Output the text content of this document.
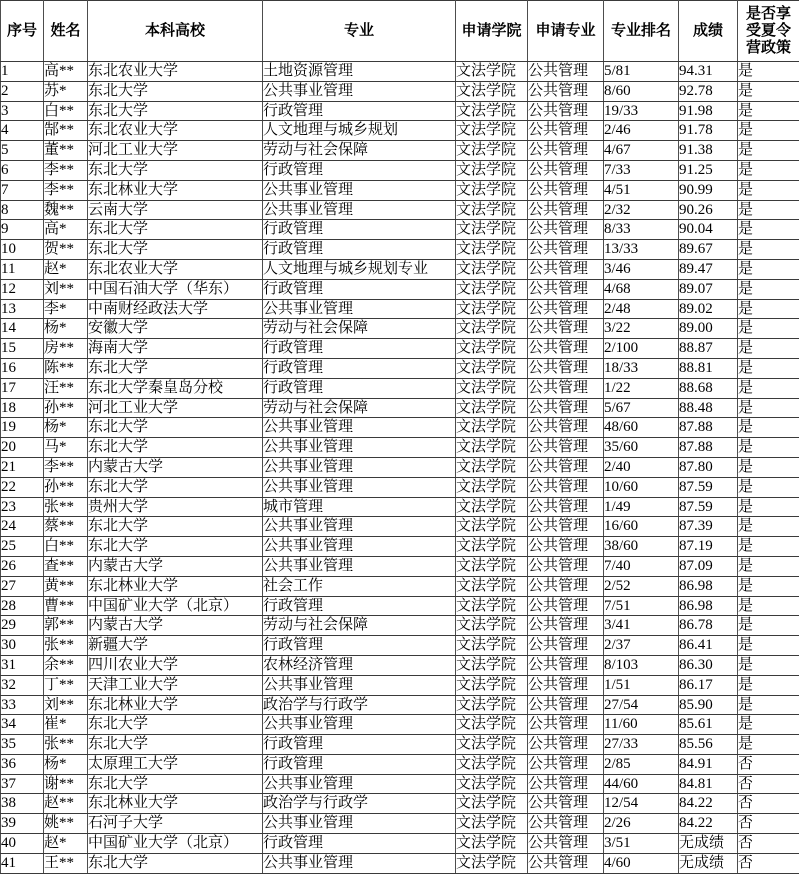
序号	姓名	本科高校	专业	申请学院	申请专业	专业排名	成绩	是否享受夏令营政策
1	高**	东北农业大学	土地资源管理	文法学院	公共管理	5/81	94.31	是
2	苏*	东北大学	公共事业管理	文法学院	公共管理	8/60	92.78	是
3	白**	东北大学	行政管理	文法学院	公共管理	19/33	91.98	是
4	郜**	东北农业大学	人文地理与城乡规划	文法学院	公共管理	2/46	91.78	是
5	董**	河北工业大学	劳动与社会保障	文法学院	公共管理	4/67	91.38	是
6	李**	东北大学	行政管理	文法学院	公共管理	7/33	91.25	是
7	李**	东北林业大学	公共事业管理	文法学院	公共管理	4/51	90.99	是
8	魏**	云南大学	公共事业管理	文法学院	公共管理	2/32	90.26	是
9	高*	东北大学	行政管理	文法学院	公共管理	8/33	90.04	是
10	贺**	东北大学	行政管理	文法学院	公共管理	13/33	89.67	是
11	赵*	东北农业大学	人文地理与城乡规划专业	文法学院	公共管理	3/46	89.47	是
12	刘**	中国石油大学（华东）	行政管理	文法学院	公共管理	4/68	89.07	是
13	李*	中南财经政法大学	公共事业管理	文法学院	公共管理	2/48	89.02	是
14	杨*	安徽大学	劳动与社会保障	文法学院	公共管理	3/22	89.00	是
15	房**	海南大学	行政管理	文法学院	公共管理	2/100	88.87	是
16	陈**	东北大学	行政管理	文法学院	公共管理	18/33	88.81	是
17	汪**	东北大学秦皇岛分校	行政管理	文法学院	公共管理	1/22	88.68	是
18	孙**	河北工业大学	劳动与社会保障	文法学院	公共管理	5/67	88.48	是
19	杨*	东北大学	公共事业管理	文法学院	公共管理	48/60	87.88	是
20	马*	东北大学	公共事业管理	文法学院	公共管理	35/60	87.88	是
21	李**	内蒙古大学	公共事业管理	文法学院	公共管理	2/40	87.80	是
22	孙**	东北大学	公共事业管理	文法学院	公共管理	10/60	87.59	是
23	张**	贵州大学	城市管理	文法学院	公共管理	1/49	87.59	是
24	蔡**	东北大学	公共事业管理	文法学院	公共管理	16/60	87.39	是
25	白**	东北大学	公共事业管理	文法学院	公共管理	38/60	87.19	是
26	查**	内蒙古大学	公共事业管理	文法学院	公共管理	7/40	87.09	是
27	黄**	东北林业大学	社会工作	文法学院	公共管理	2/52	86.98	是
28	曹**	中国矿业大学（北京）	行政管理	文法学院	公共管理	7/51	86.98	是
29	郭**	内蒙古大学	劳动与社会保障	文法学院	公共管理	3/41	86.78	是
30	张**	新疆大学	行政管理	文法学院	公共管理	2/37	86.41	是
31	余**	四川农业大学	农林经济管理	文法学院	公共管理	8/103	86.30	是
32	丁**	天津工业大学	公共事业管理	文法学院	公共管理	1/51	86.17	是
33	刘**	东北林业大学	政治学与行政学	文法学院	公共管理	27/54	85.90	是
34	崔*	东北大学	公共事业管理	文法学院	公共管理	11/60	85.61	是
35	张**	东北大学	行政管理	文法学院	公共管理	27/33	85.56	是
36	杨*	太原理工大学	行政管理	文法学院	公共管理	2/85	84.91	否
37	谢**	东北大学	公共事业管理	文法学院	公共管理	44/60	84.81	否
38	赵**	东北林业大学	政治学与行政学	文法学院	公共管理	12/54	84.22	否
39	姚**	石河子大学	公共事业管理	文法学院	公共管理	2/26	84.22	否
40	赵*	中国矿业大学（北京）	行政管理	文法学院	公共管理	3/51	无成绩	否
41	王**	东北大学	公共事业管理	文法学院	公共管理	4/60	无成绩	否
